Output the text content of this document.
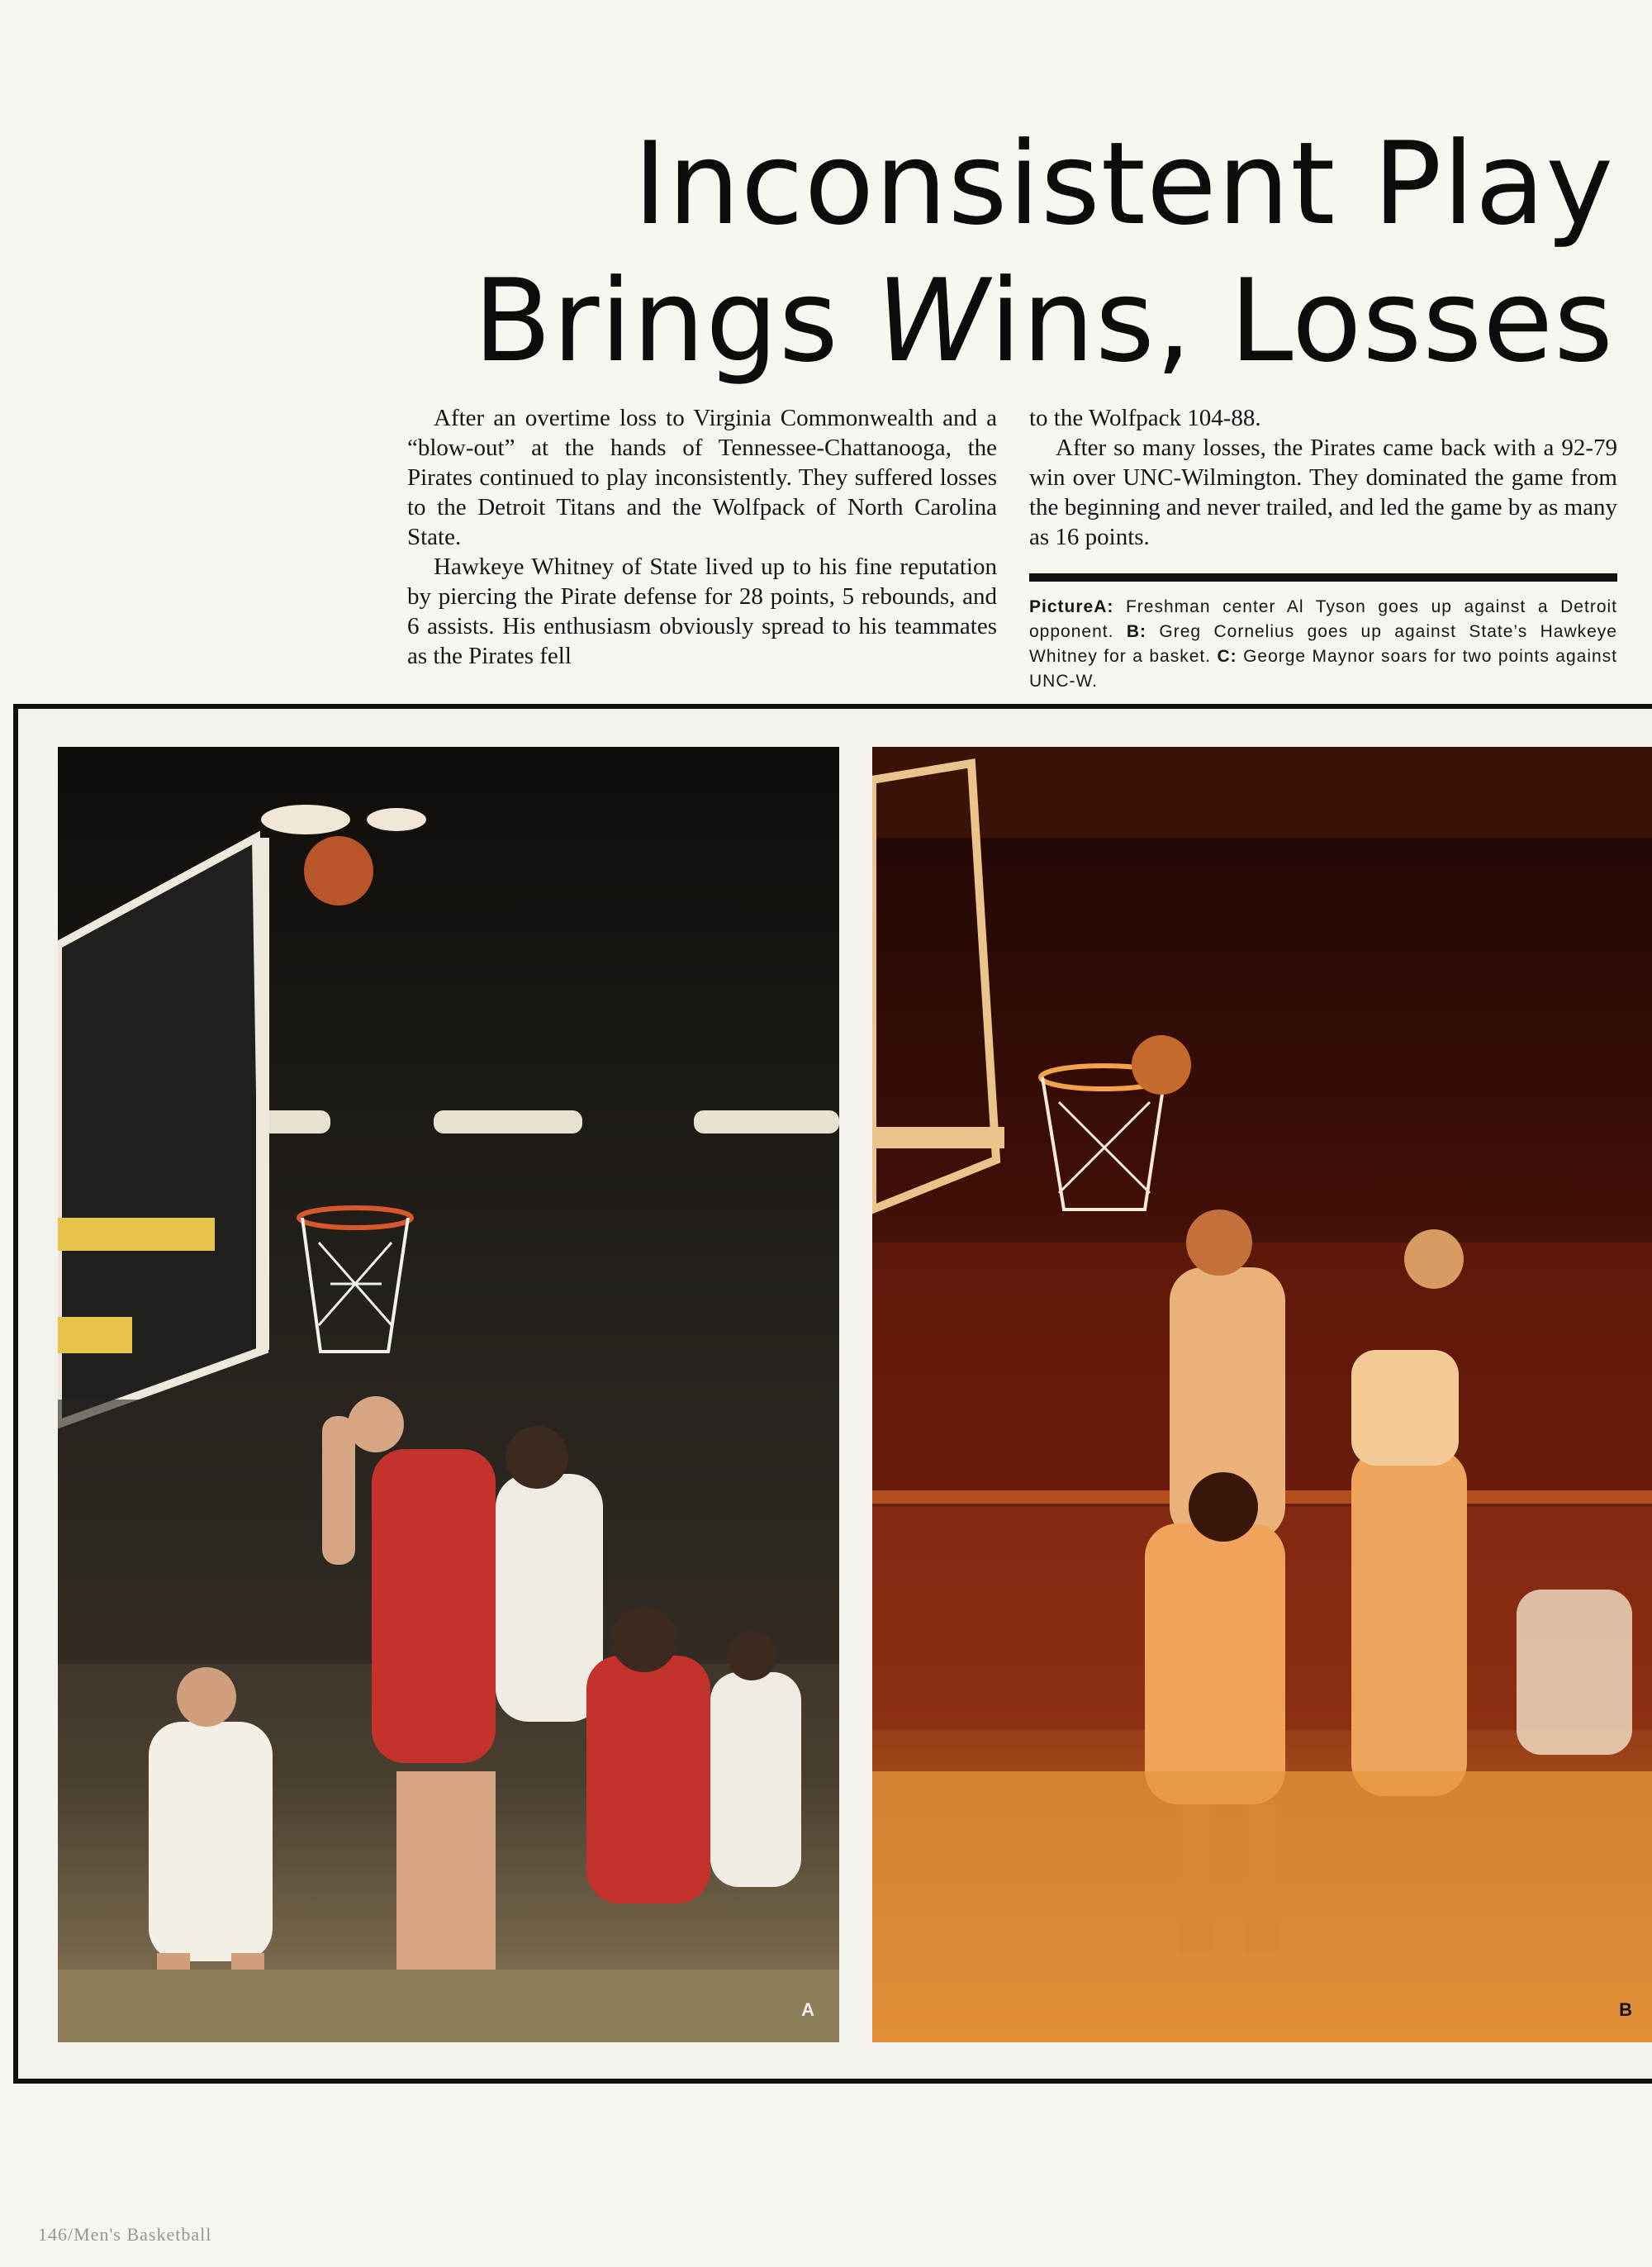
Inconsistent Play
Brings Wins, Losses

After an overtime loss to Virginia Commonwealth and a “blow-out” at the hands of Tennessee-Chattanooga, the Pirates continued to play inconsistently. They suffered losses to the Detroit Titans and the Wolfpack of North Carolina State.

Hawkeye Whitney of State lived up to his fine reputation by piercing the Pirate defense for 28 points, 5 rebounds, and 6 assists. His enthusiasm obviously spread to his teammates as the Pirates fell

to the Wolfpack 104-88.

After so many losses, the Pirates came back with a 92-79 win over UNC-Wilmington. They dominated the game from the beginning and never trailed, and led the game by as many as 16 points.

PictureA: Freshman center Al Tyson goes up against a Detroit opponent. B: Greg Cornelius goes up against State’s Hawkeye Whitney for a basket. C: George Maynor soars for two points against UNC-W.
A	B
146/Men's Basketball
